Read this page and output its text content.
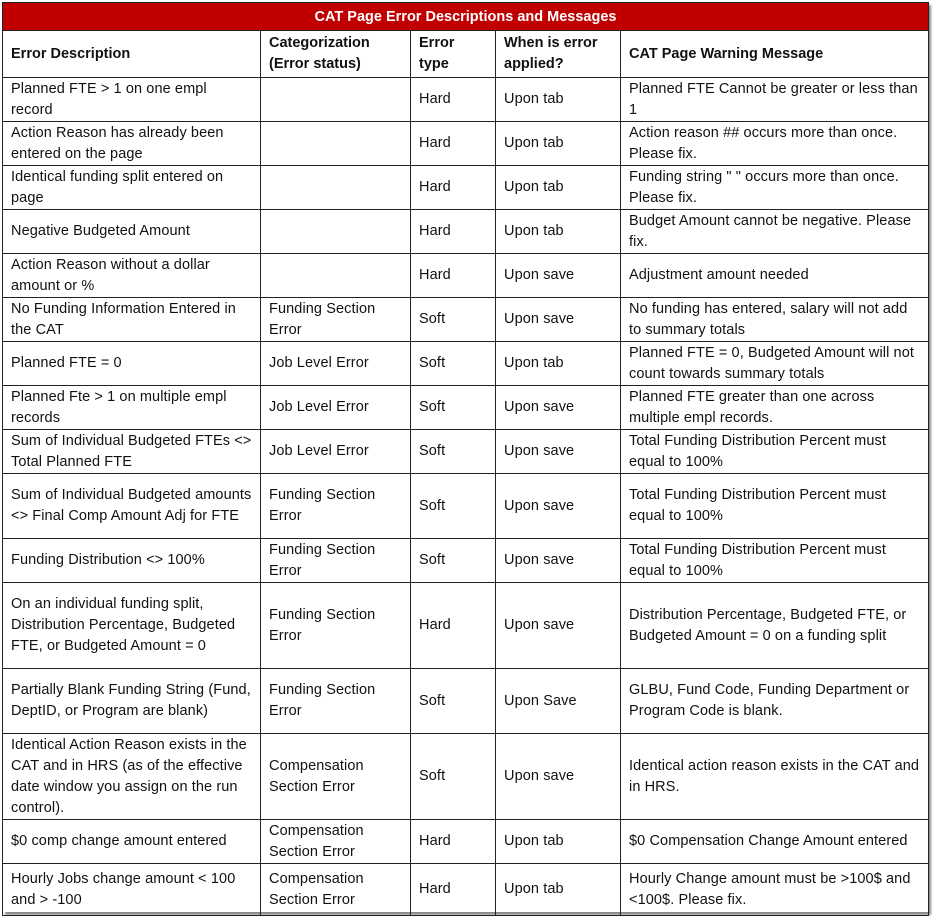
CAT Page Error Descriptions and Messages				
Error Description	Categorization (Error status)	Error type	When is error applied?	CAT Page Warning Message
Planned FTE > 1 on one empl record		Hard	Upon tab	Planned FTE Cannot be greater or less than 1
Action Reason has already been entered on the page		Hard	Upon tab	Action reason ## occurs more than once. Please fix.
Identical funding split entered on page		Hard	Upon tab	Funding string " " occurs more than once. Please fix.
Negative Budgeted Amount		Hard	Upon tab	Budget Amount cannot be negative. Please fix.
Action Reason without a dollar amount or %		Hard	Upon save	Adjustment amount needed
No Funding Information Entered in the CAT	Funding Section Error	Soft	Upon save	No funding has entered, salary will not add to summary totals
Planned FTE = 0	Job Level Error	Soft	Upon tab	Planned FTE = 0, Budgeted Amount will not count towards summary totals
Planned Fte > 1 on multiple empl records	Job Level Error	Soft	Upon save	Planned FTE greater than one across multiple empl records.
Sum of Individual Budgeted FTEs <> Total Planned FTE	Job Level Error	Soft	Upon save	Total Funding Distribution Percent must equal to 100%
Sum of Individual Budgeted amounts <> Final Comp Amount Adj for FTE	Funding Section Error	Soft	Upon save	Total Funding Distribution Percent must equal to 100%
Funding Distribution <> 100%	Funding Section Error	Soft	Upon save	Total Funding Distribution Percent must equal to 100%
On an individual funding split, Distribution Percentage, Budgeted FTE, or Budgeted Amount = 0	Funding Section Error	Hard	Upon save	Distribution Percentage, Budgeted FTE, or Budgeted Amount = 0 on a funding split
Partially Blank Funding String (Fund, DeptID, or Program are blank)	Funding Section Error	Soft	Upon Save	GLBU, Fund Code, Funding Department or Program Code is blank.
Identical Action Reason exists in the CAT and in HRS (as of the effective date window you assign on the run control).	Compensation Section Error	Soft	Upon save	Identical action reason exists in the CAT and in HRS.
$0 comp change amount entered	Compensation Section Error	Hard	Upon tab	$0 Compensation Change Amount entered
Hourly Jobs change amount < 100 and > -100	Compensation Section Error	Hard	Upon tab	Hourly Change amount must be >100$ and <100$. Please fix.
